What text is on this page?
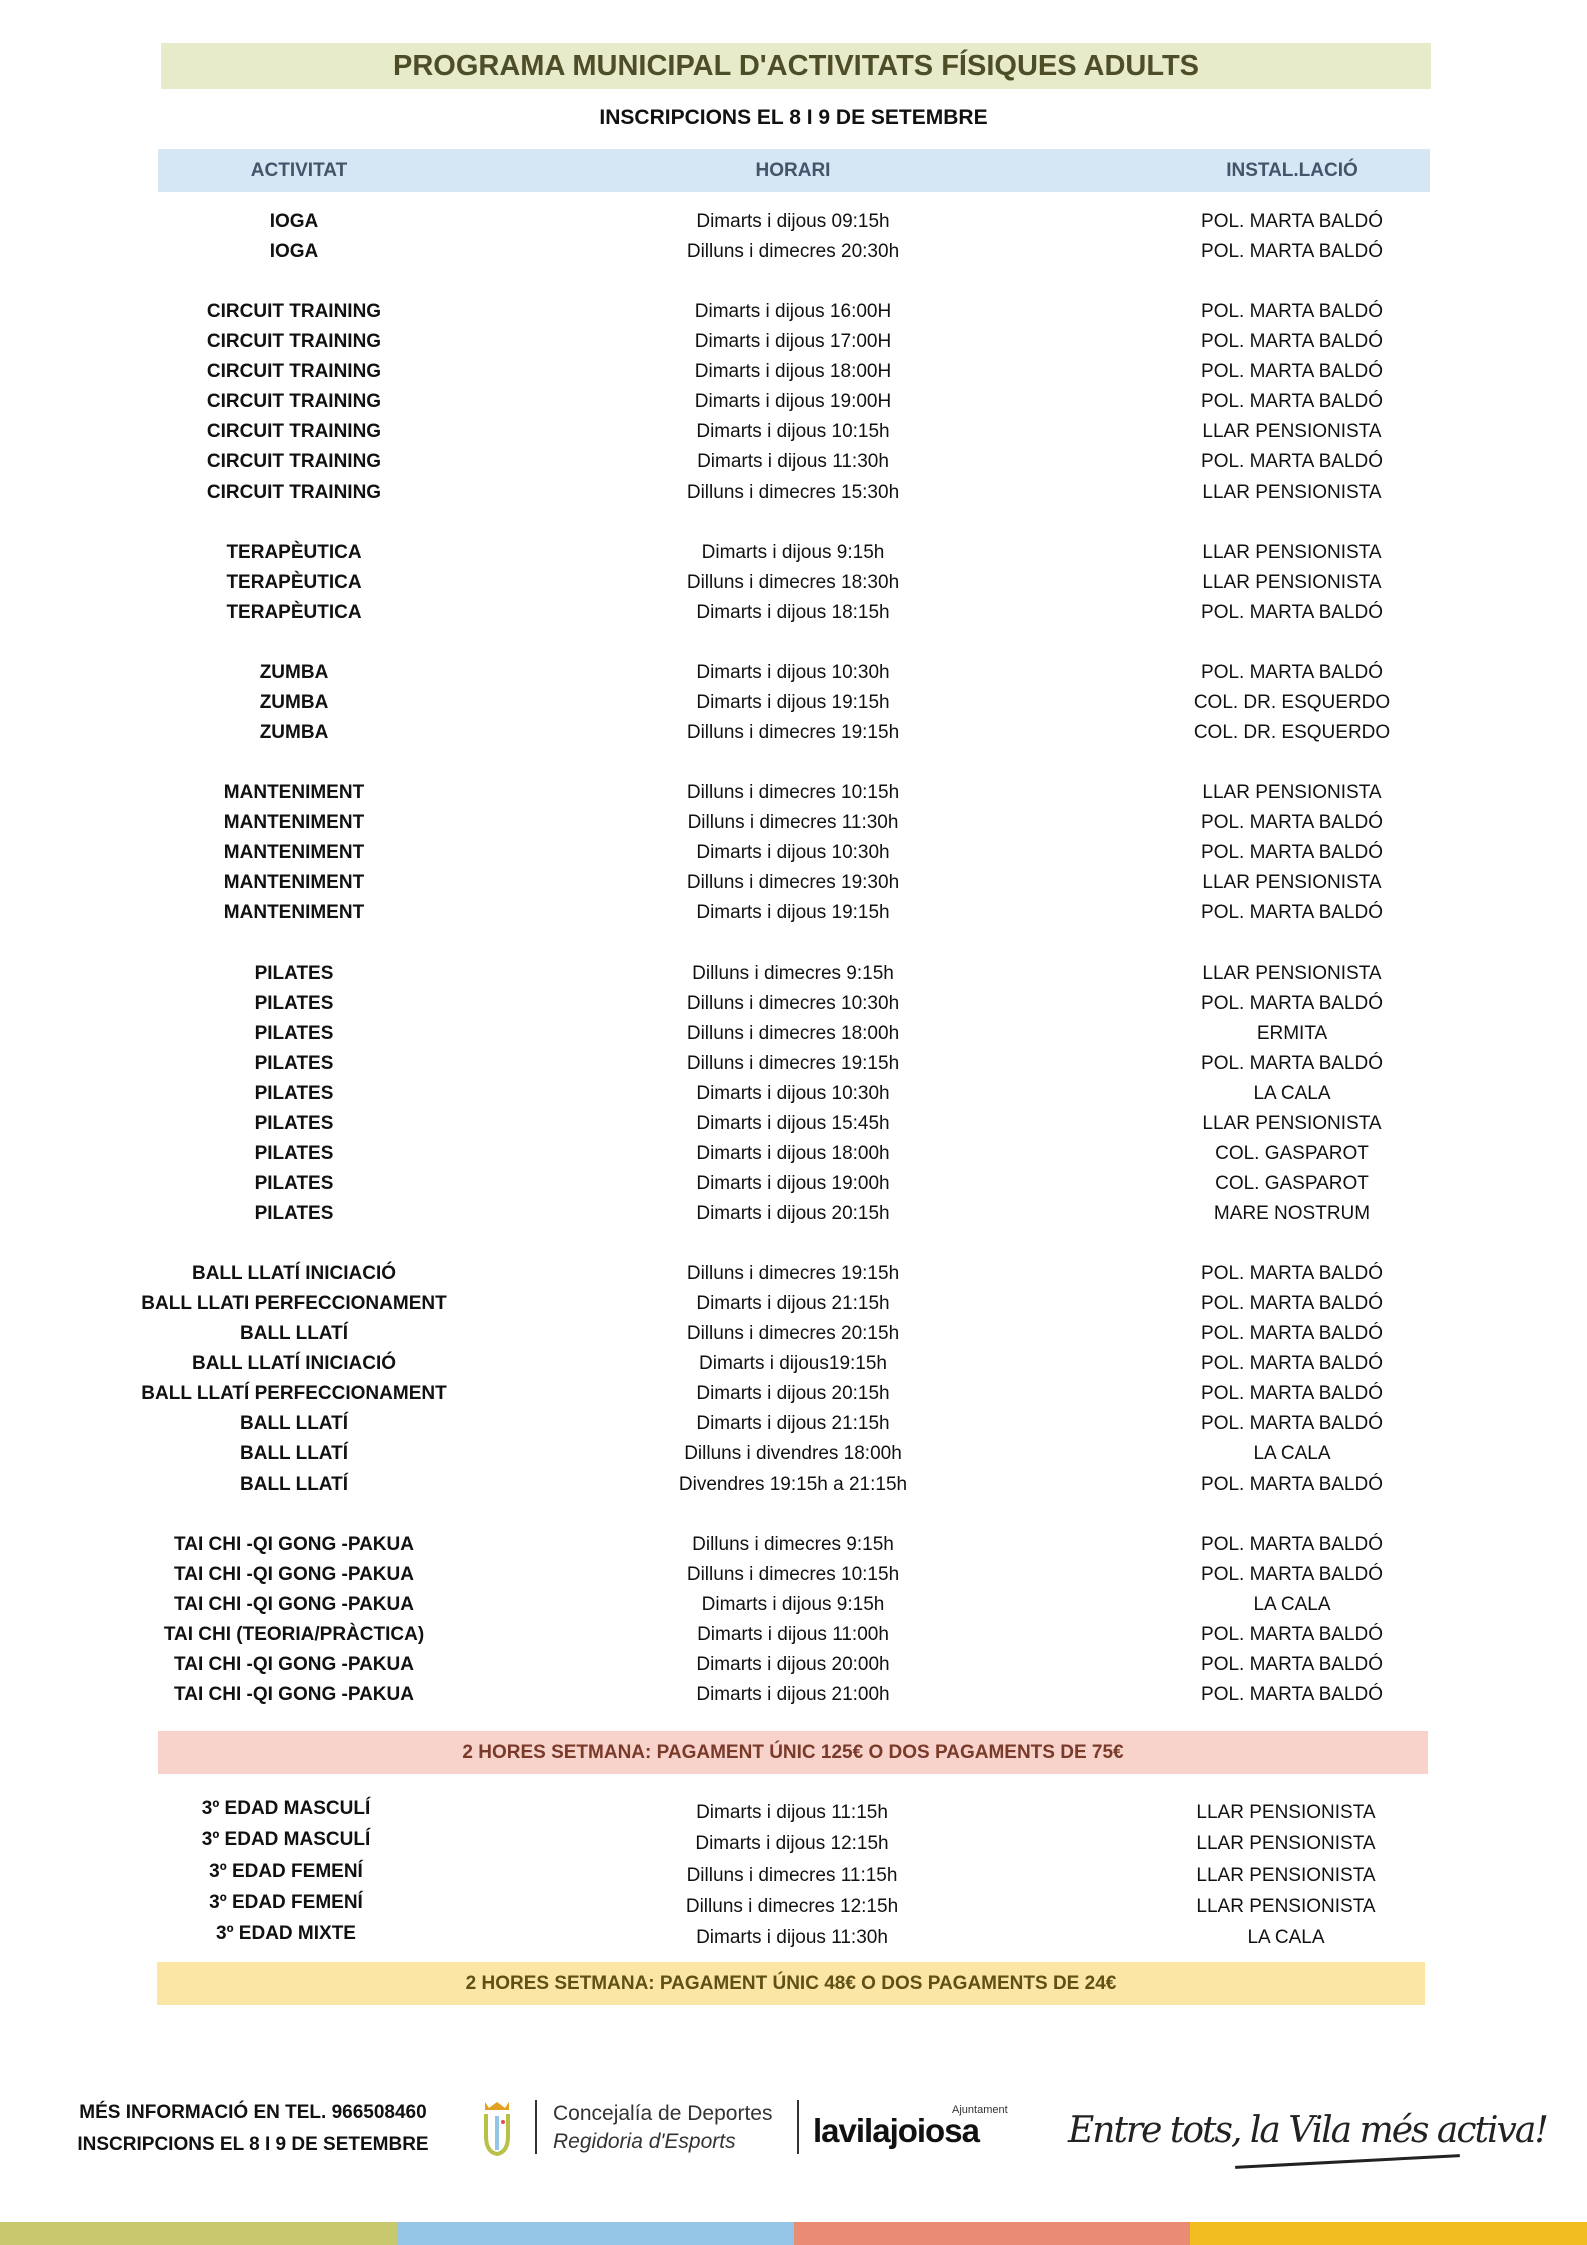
PROGRAMA MUNICIPAL D'ACTIVITATS FÍSIQUES ADULTS
INSCRIPCIONS EL 8 I 9 DE SETEMBRE
ACTIVITAT	HORARI	INSTAL.LACIÓ
IOGA	Dimarts i dijous 09:15h	POL. MARTA BALDÓ
IOGA	Dilluns i dimecres 20:30h	POL. MARTA BALDÓ
CIRCUIT TRAINING	Dimarts i dijous 16:00H	POL. MARTA BALDÓ
CIRCUIT TRAINING	Dimarts i dijous 17:00H	POL. MARTA BALDÓ
CIRCUIT TRAINING	Dimarts i dijous 18:00H	POL. MARTA BALDÓ
CIRCUIT TRAINING	Dimarts i dijous 19:00H	POL. MARTA BALDÓ
CIRCUIT TRAINING	Dimarts i dijous 10:15h	LLAR PENSIONISTA
CIRCUIT TRAINING	Dimarts i dijous 11:30h	POL. MARTA BALDÓ
CIRCUIT TRAINING	Dilluns i dimecres 15:30h	LLAR PENSIONISTA
TERAPÈUTICA	Dimarts i dijous 9:15h	LLAR PENSIONISTA
TERAPÈUTICA	Dilluns i dimecres 18:30h	LLAR PENSIONISTA
TERAPÈUTICA	Dimarts i dijous 18:15h	POL. MARTA BALDÓ
ZUMBA	Dimarts i dijous 10:30h	POL. MARTA BALDÓ
ZUMBA	Dimarts i dijous 19:15h	COL. DR. ESQUERDO
ZUMBA	Dilluns i dimecres 19:15h	COL. DR. ESQUERDO
MANTENIMENT	Dilluns i dimecres 10:15h	LLAR PENSIONISTA
MANTENIMENT	Dilluns i dimecres 11:30h	POL. MARTA BALDÓ
MANTENIMENT	Dimarts i dijous 10:30h	POL. MARTA BALDÓ
MANTENIMENT	Dilluns i dimecres 19:30h	LLAR PENSIONISTA
MANTENIMENT	Dimarts i dijous 19:15h	POL. MARTA BALDÓ
PILATES	Dilluns i dimecres 9:15h	LLAR PENSIONISTA
PILATES	Dilluns i dimecres 10:30h	POL. MARTA BALDÓ
PILATES	Dilluns i dimecres 18:00h	ERMITA
PILATES	Dilluns i dimecres 19:15h	POL. MARTA BALDÓ
PILATES	Dimarts i dijous 10:30h	LA CALA
PILATES	Dimarts i dijous 15:45h	LLAR PENSIONISTA
PILATES	Dimarts i dijous 18:00h	COL. GASPAROT
PILATES	Dimarts i dijous 19:00h	COL. GASPAROT
PILATES	Dimarts i dijous 20:15h	MARE NOSTRUM
BALL LLATÍ INICIACIÓ	Dilluns i dimecres 19:15h	POL. MARTA BALDÓ
BALL LLATI PERFECCIONAMENT	Dimarts i dijous 21:15h	POL. MARTA BALDÓ
BALL LLATÍ	Dilluns i dimecres 20:15h	POL. MARTA BALDÓ
BALL LLATÍ INICIACIÓ	Dimarts i dijous19:15h	POL. MARTA BALDÓ
BALL LLATÍ PERFECCIONAMENT	Dimarts i dijous 20:15h	POL. MARTA BALDÓ
BALL LLATÍ	Dimarts i dijous 21:15h	POL. MARTA BALDÓ
BALL LLATÍ	Dilluns i divendres 18:00h	LA CALA
BALL LLATÍ	Divendres 19:15h a 21:15h	POL. MARTA BALDÓ
TAI CHI -QI GONG -PAKUA	Dilluns i dimecres 9:15h	POL. MARTA BALDÓ
TAI CHI -QI GONG -PAKUA	Dilluns i dimecres 10:15h	POL. MARTA BALDÓ
TAI CHI -QI GONG -PAKUA	Dimarts i dijous 9:15h	LA CALA
TAI CHI (TEORIA/PRÀCTICA)	Dimarts i dijous 11:00h	POL. MARTA BALDÓ
TAI CHI -QI GONG -PAKUA	Dimarts i dijous 20:00h	POL. MARTA BALDÓ
TAI CHI -QI GONG -PAKUA	Dimarts i dijous 21:00h	POL. MARTA BALDÓ
2 HORES SETMANA: PAGAMENT ÚNIC 125€ O DOS PAGAMENTS DE 75€
3º EDAD MASCULÍ	Dimarts i dijous 11:15h	LLAR PENSIONISTA
3º EDAD MASCULÍ	Dimarts i dijous 12:15h	LLAR PENSIONISTA
3º EDAD FEMENÍ	Dilluns i dimecres 11:15h	LLAR PENSIONISTA
3º EDAD FEMENÍ	Dilluns i dimecres 12:15h	LLAR PENSIONISTA
3º EDAD MIXTE	Dimarts i dijous 11:30h	LA CALA
2 HORES SETMANA: PAGAMENT ÚNIC 48€ O DOS PAGAMENTS DE 24€
MÉS INFORMACIÓ EN TEL. 966508460
INSCRIPCIONS EL 8 I 9 DE SETEMBRE
Concejalía de Deportes
Regidoria d'Esports
Ajuntament
lavilajoiosa Entre tots, la Vila més activa!
